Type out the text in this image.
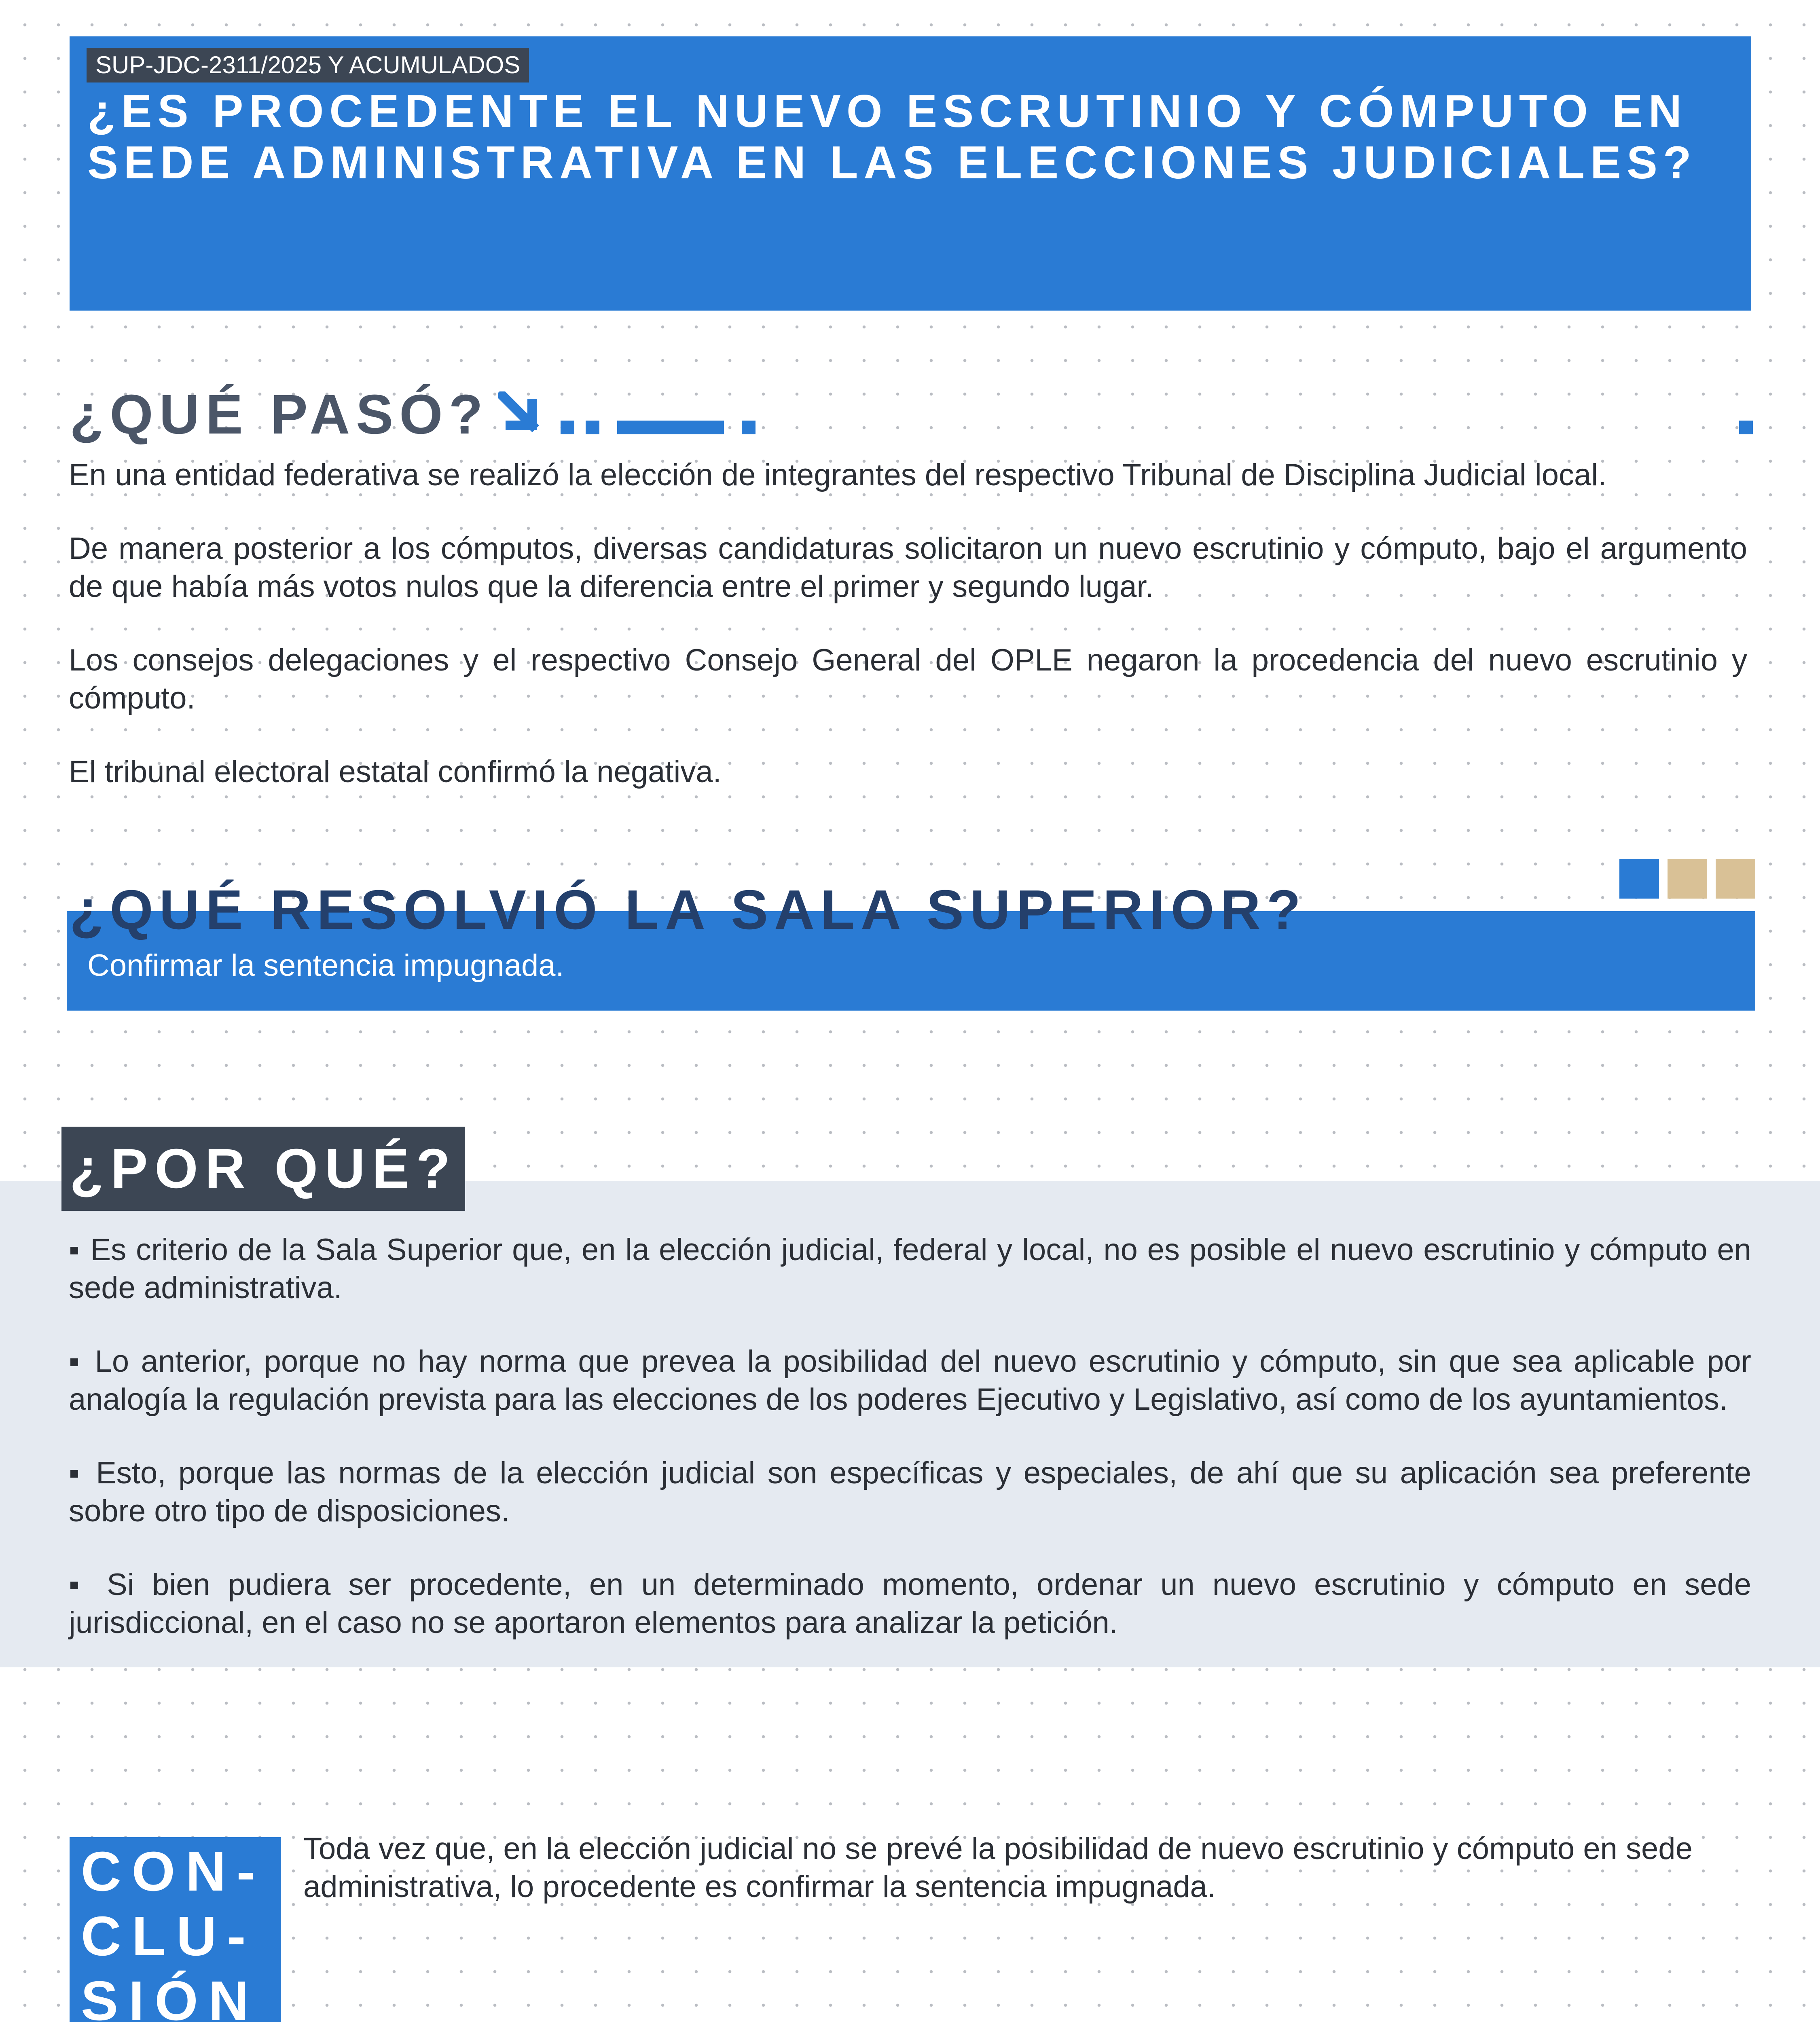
SUP-JDC-2311/2025 Y ACUMULADOS
¿ES PROCEDENTE EL NUEVO ESCRUTINIO Y CÓMPUTO EN SEDE ADMINISTRATIVA EN LAS ELECCIONES JUDICIALES?
¿QUÉ PASÓ?

En una entidad federativa se realizó la elección de integrantes del respectivo Tribunal de Disciplina Judicial local.

De manera posterior a los cómputos, diversas candidaturas solicitaron un nuevo escrutinio y cómputo, bajo el argumento de que había más votos nulos que la diferencia entre el primer y segundo lugar.

Los consejos delegaciones y el respectivo Consejo General del OPLE negaron la procedencia del nuevo escrutinio y cómputo.

El tribunal electoral estatal confirmó la negativa.

¿QUÉ RESOLVIÓ LA SALA SUPERIOR?
Confirmar la sentencia impugnada.
¿POR QUÉ?
▪ Es criterio de la Sala Superior que, en la elección judicial, federal y local, no es posible el nuevo escrutinio y cómputo en sede administrativa.
▪ Lo anterior, porque no hay norma que prevea la posibilidad del nuevo escrutinio y cómputo, sin que sea aplicable por analogía la regulación prevista para las elecciones de los poderes Ejecutivo y Legislativo, así como de los ayuntamientos.
▪ Esto, porque las normas de la elección judicial son específicas y especiales, de ahí que su aplicación sea preferente sobre otro tipo de disposiciones.
▪ Si bien pudiera ser procedente, en un determinado momento, ordenar un nuevo escrutinio y cómputo en sede jurisdiccional, en el caso no se aportaron elementos para analizar la petición.
CON-
CLU-
SIÓN

Toda vez que, en la elección judicial no se prevé la posibilidad de nuevo escrutinio y cómputo en sede administrativa, lo procedente es confirmar la sentencia impugnada.
